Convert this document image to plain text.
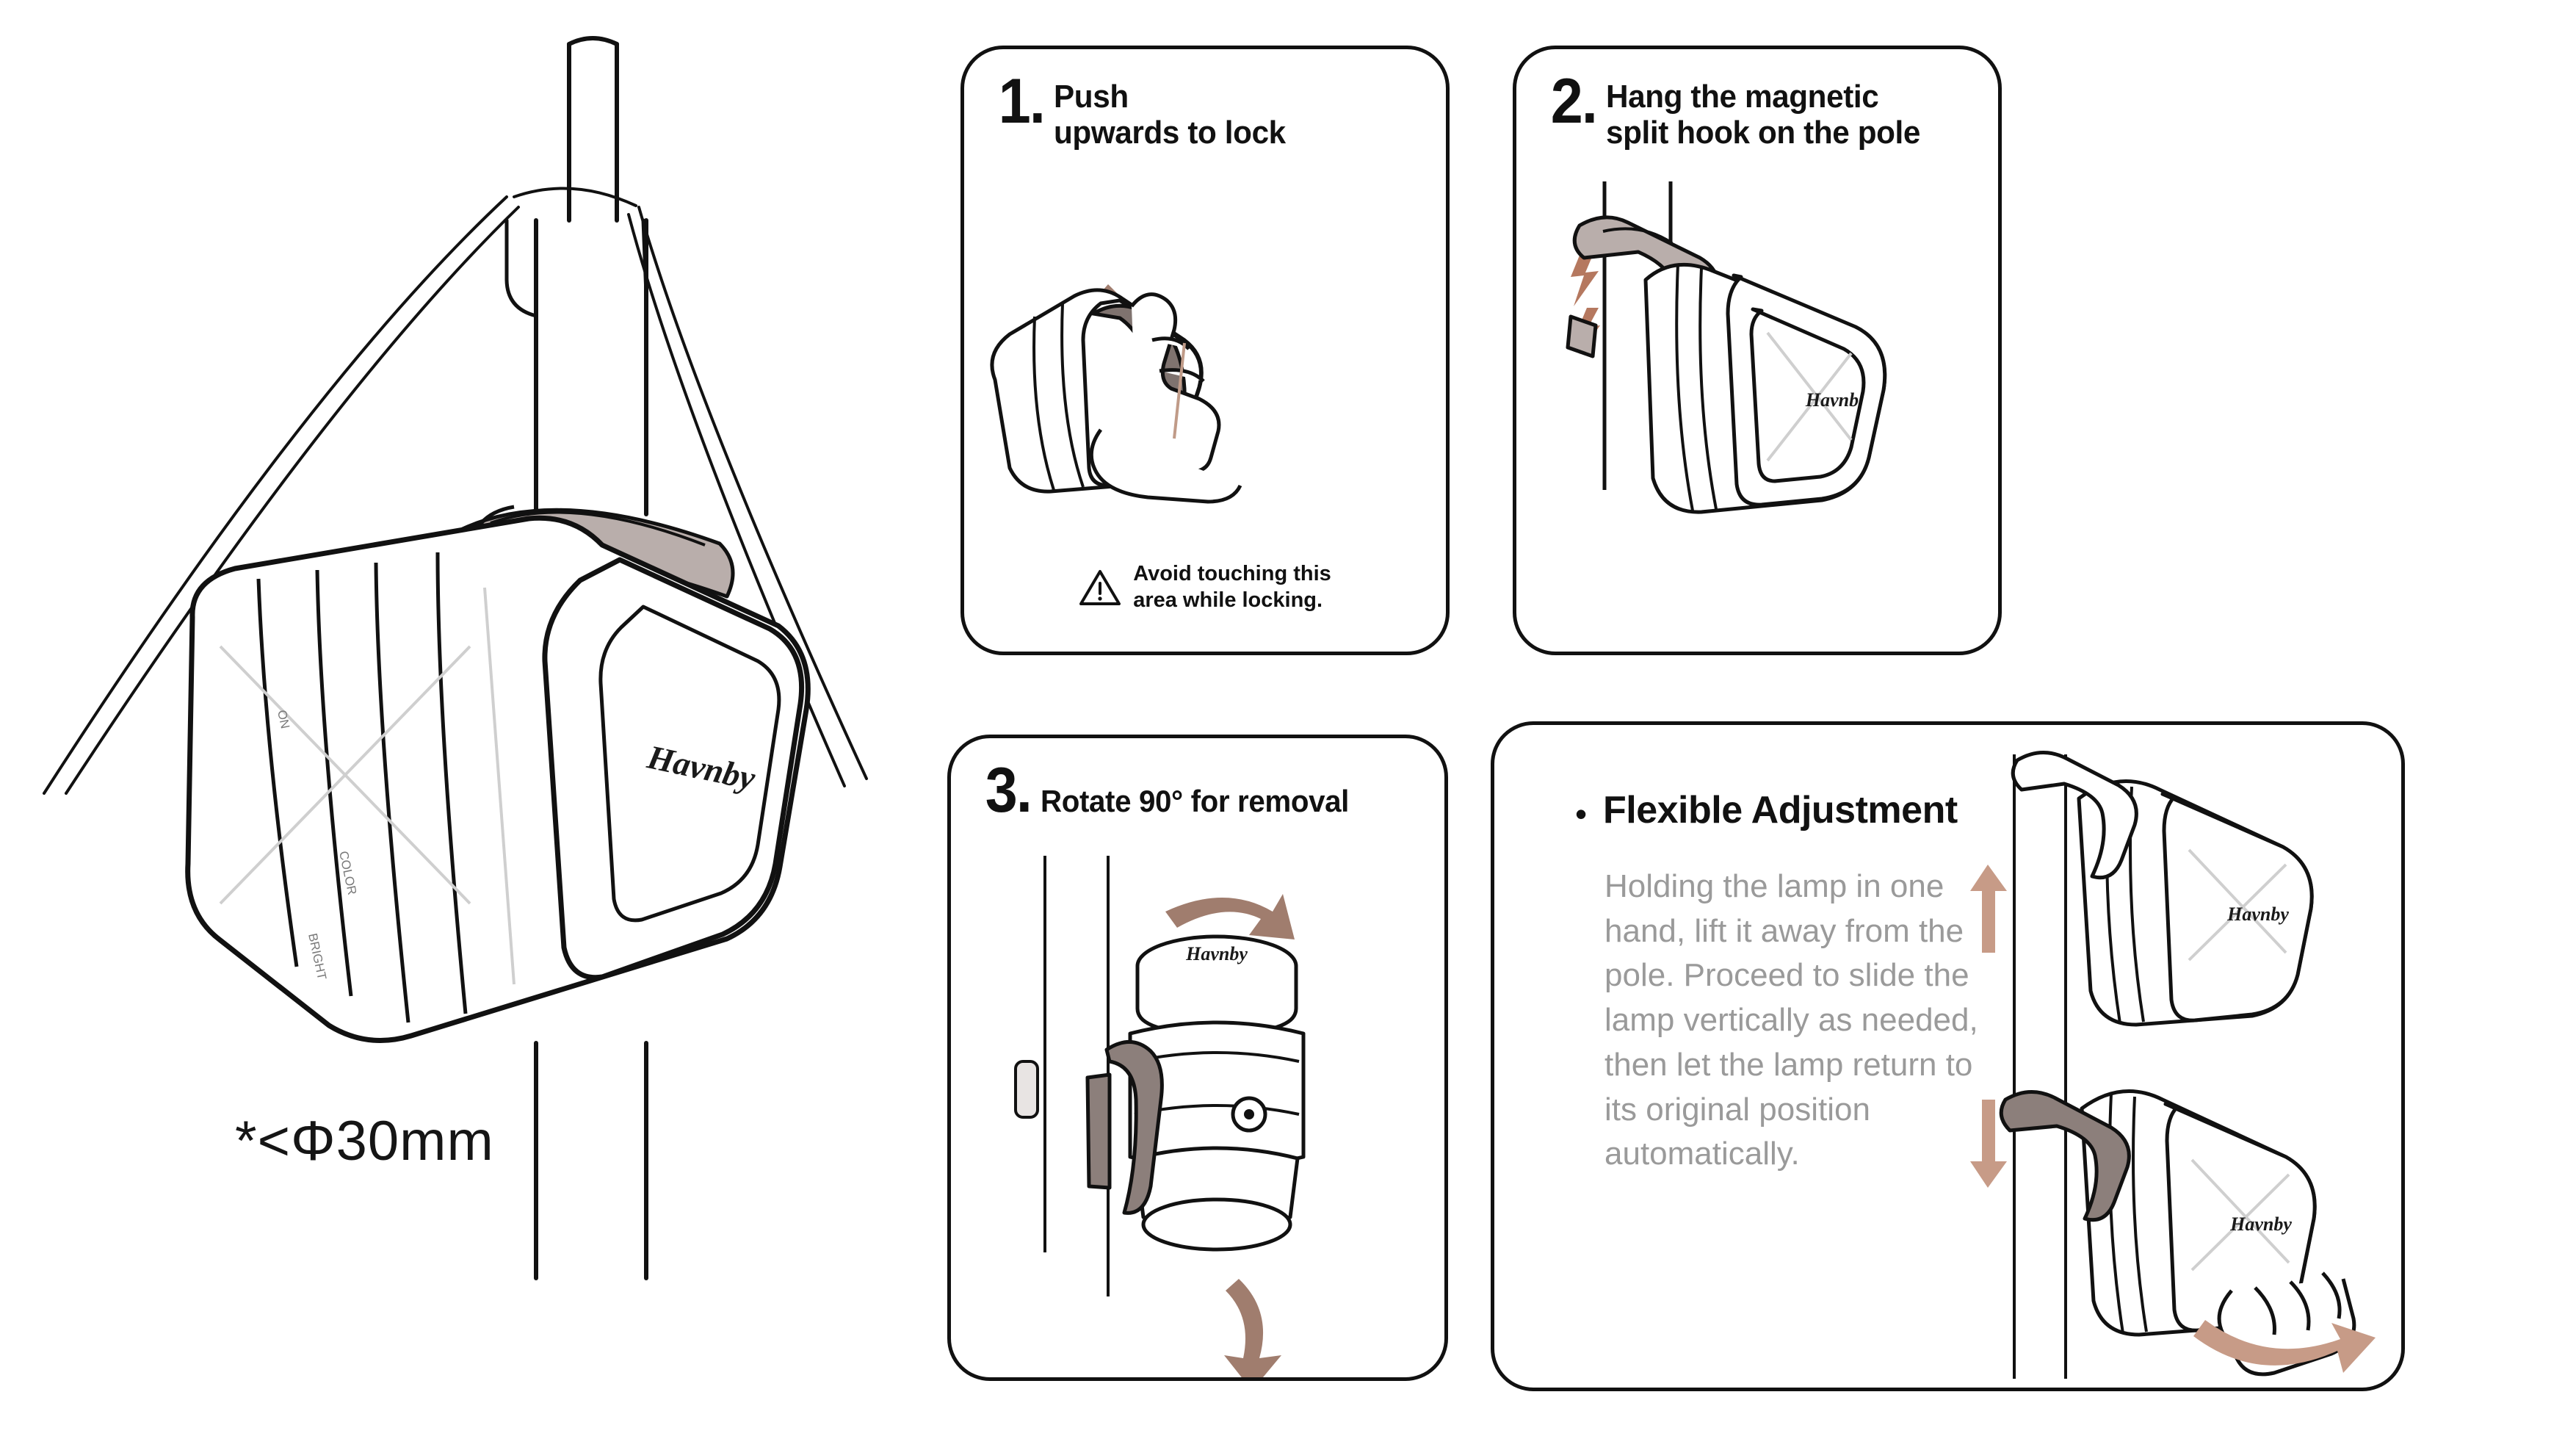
Havnby
ON
COLOR
BRIGHT
*<Φ30mm
1. Push
upwards to lock
Avoid touching this
area while locking.
2. Hang the magnetic
split hook on the pole
Havnb
3. Rotate 90° for removal
Havnby
• Flexible Adjustment
Holding the lamp in one hand, lift it away from the pole. Proceed to slide the lamp vertically as needed, then let the lamp return to its original position automatically.
Havnby
Havnby
